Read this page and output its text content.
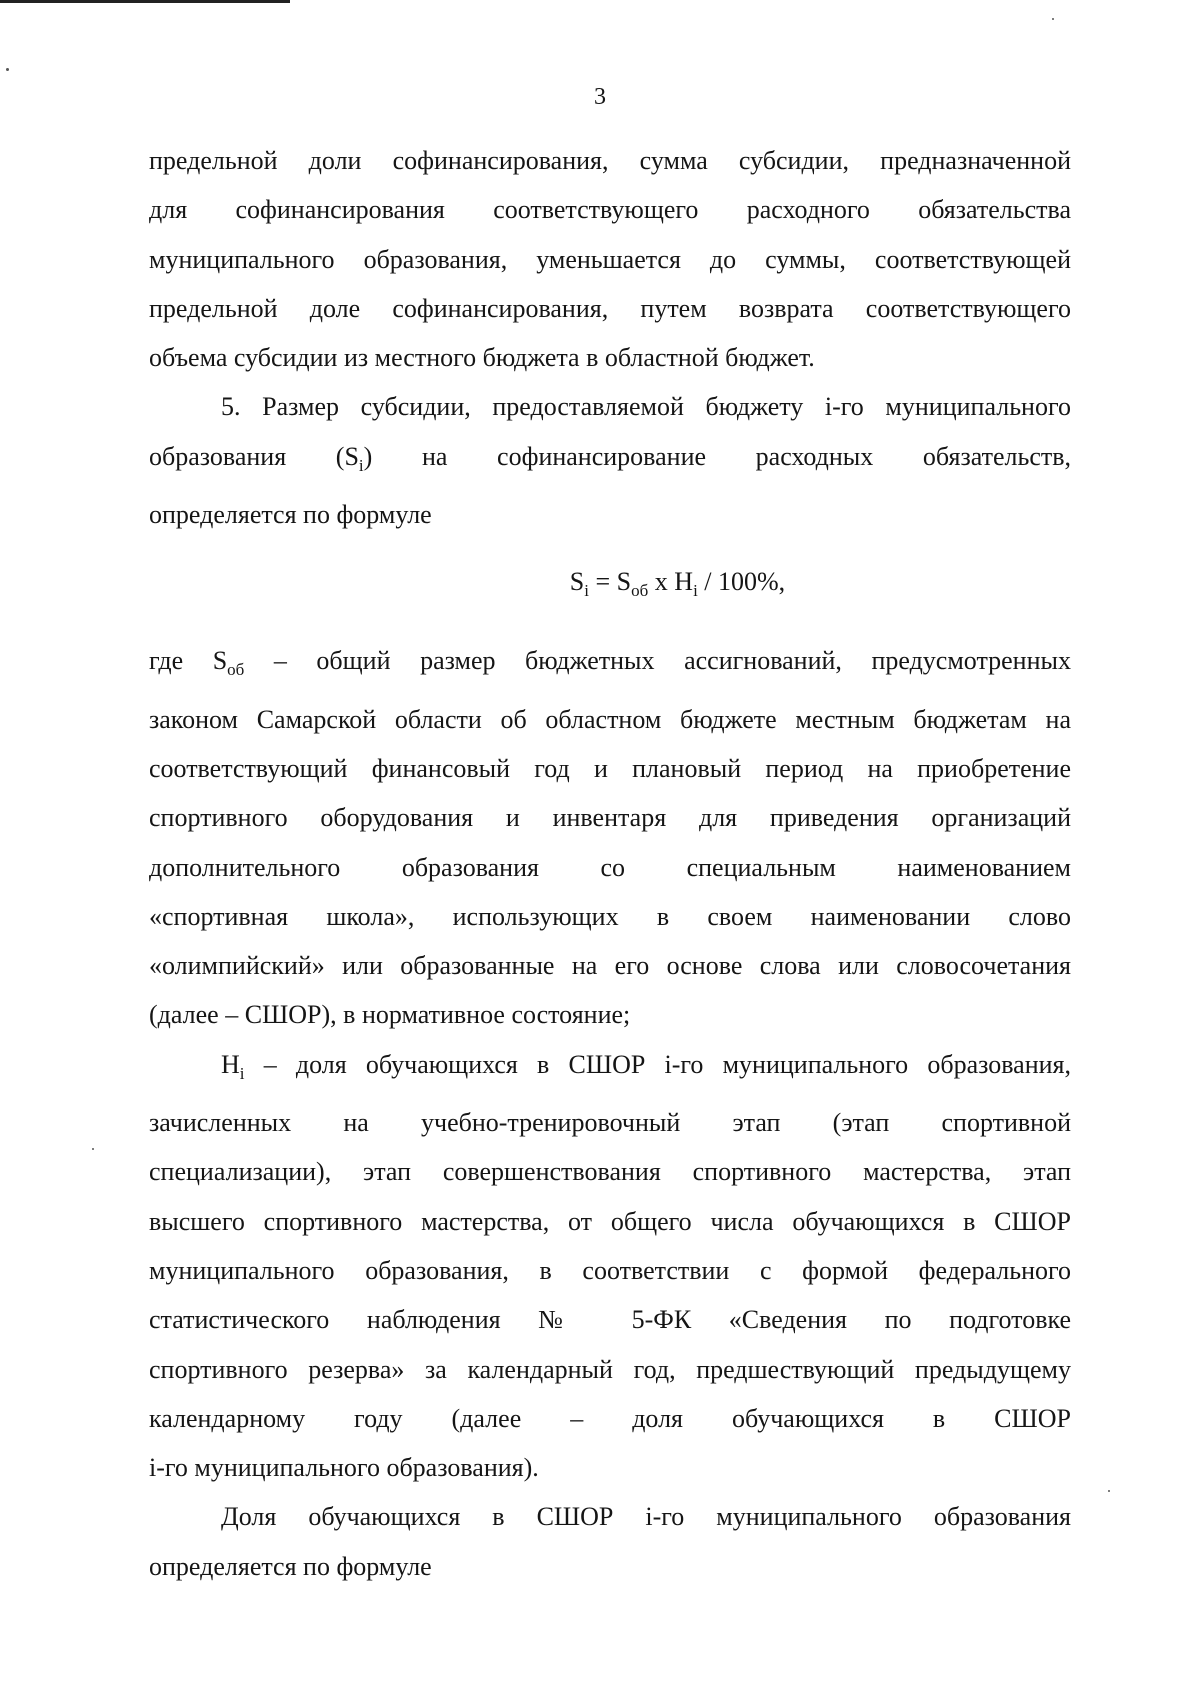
3

предельной доли софинансирования, сумма субсидии, предназначенной

для софинансирования соответствующего расходного обязательства

муниципального образования, уменьшается до суммы, соответствующей

предельной доле софинансирования, путем возврата соответствующего

объема субсидии из местного бюджета в областной бюджет.

5. Размер субсидии, предоставляемой бюджету i-го муниципального

образования $(S_i)$ на софинансирование расходных обязательств,

определяется по формуле

$S_i = S_{об}$ x $H_i / 100\%$,

где $S_{об}$ – общий размер бюджетных ассигнований, предусмотренных

законом Самарской области об областном бюджете местным бюджетам на

соответствующий финансовый год и плановый период на приобретение

спортивного оборудования и инвентаря для приведения организаций

дополнительного образования со специальным наименованием

«спортивная школа», использующих в своем наименовании слово

«олимпийский» или образованные на его основе слова или словосочетания

(далее – СШОР), в нормативное состояние;

$H_i$ – доля обучающихся в СШОР i-го муниципального образования,

зачисленных на учебно-тренировочный этап (этап спортивной

специализации), этап совершенствования спортивного мастерства, этап

высшего спортивного мастерства, от общего числа обучающихся в СШОР

муниципального образования, в соответствии с формой федерального

статистического наблюдения № 5-ФК «Сведения по подготовке

спортивного резерва» за календарный год, предшествующий предыдущему

календарному году (далее – доля обучающихся в СШОР

i-го муниципального образования).

Доля обучающихся в СШОР i-го муниципального образования

определяется по формуле
